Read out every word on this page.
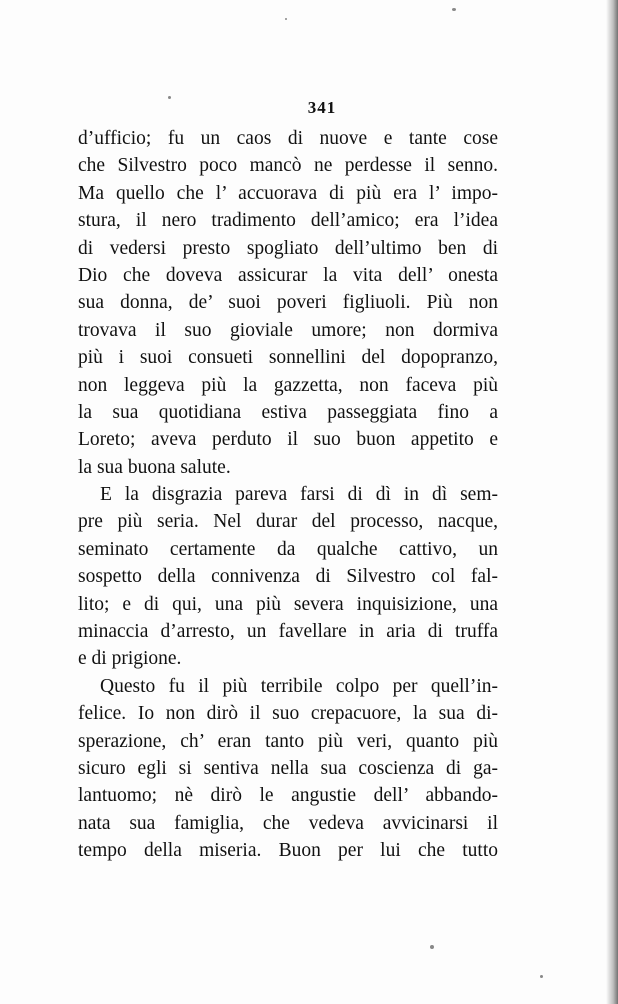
341
d’ufficio; fu un caos di nuove e tante cose
che Silvestro poco mancò ne perdesse il senno.
Ma quello che l’ accuorava di più era l’ impo-
stura, il nero tradimento dell’amico; era l’idea
di vedersi presto spogliato dell’ultimo ben di
Dio che doveva assicurar la vita dell’ onesta
sua donna, de’ suoi poveri figliuoli. Più non
trovava il suo gioviale umore; non dormiva
più i suoi consueti sonnellini del dopopranzo,
non leggeva più la gazzetta, non faceva più
la sua quotidiana estiva passeggiata fino a
Loreto; aveva perduto il suo buon appetito e
la sua buona salute.
E la disgrazia pareva farsi di dì in dì sem-
pre più seria. Nel durar del processo, nacque,
seminato certamente da qualche cattivo, un
sospetto della connivenza di Silvestro col fal-
lito; e di qui, una più severa inquisizione, una
minaccia d’arresto, un favellare in aria di truffa
e di prigione.
Questo fu il più terribile colpo per quell’in-
felice. Io non dirò il suo crepacuore, la sua di-
sperazione, ch’ eran tanto più veri, quanto più
sicuro egli si sentiva nella sua coscienza di ga-
lantuomo; nè dirò le angustie dell’ abbando-
nata sua famiglia, che vedeva avvicinarsi il
tempo della miseria. Buon per lui che tutto
